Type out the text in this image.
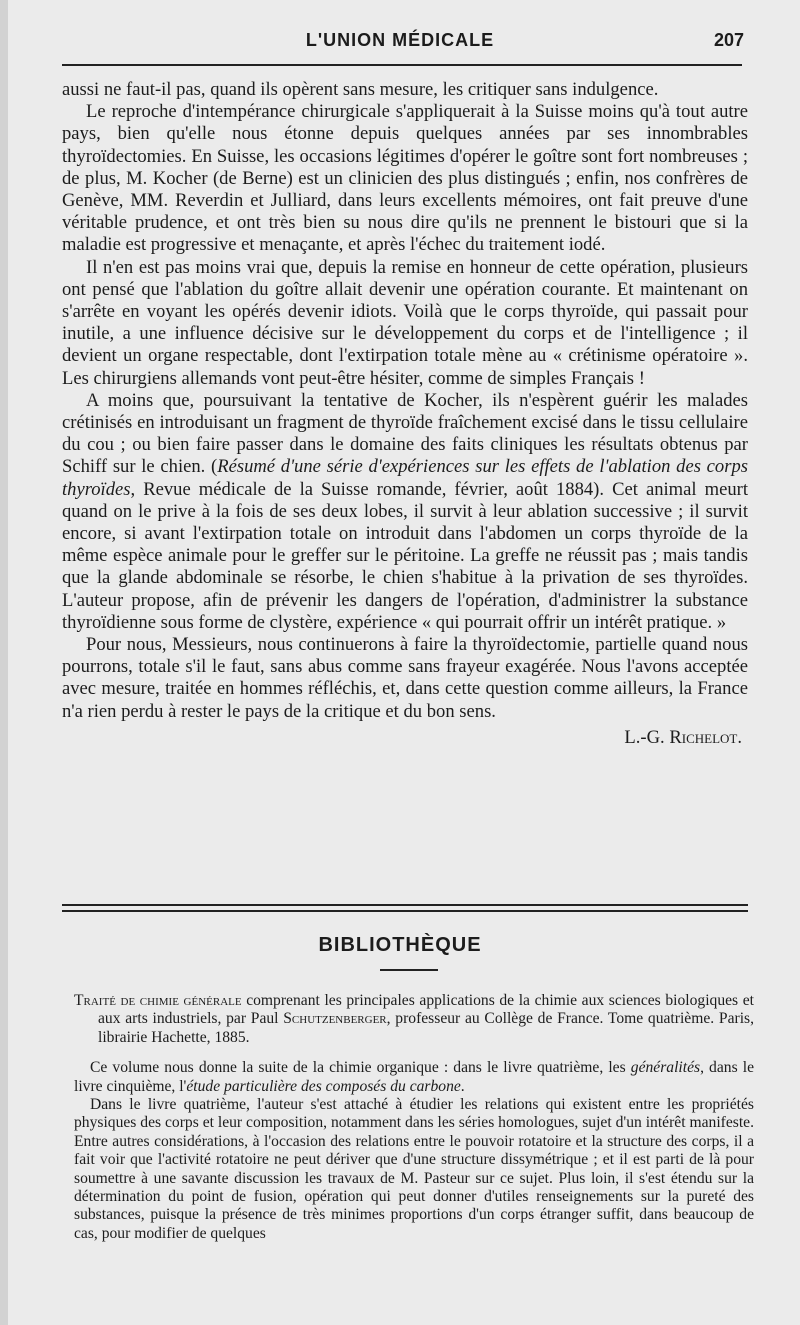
L'UNION MÉDICALE	207

aussi ne faut-il pas, quand ils opèrent sans mesure, les critiquer sans indulgence.

Le reproche d'intempérance chirurgicale s'appliquerait à la Suisse moins qu'à tout autre pays, bien qu'elle nous étonne depuis quelques années par ses innombrables thyroïdectomies. En Suisse, les occasions légitimes d'opérer le goître sont fort nombreuses ; de plus, M. Kocher (de Berne) est un clinicien des plus distingués ; enfin, nos confrères de Genève, MM. Reverdin et Julliard, dans leurs excellents mémoires, ont fait preuve d'une véritable prudence, et ont très bien su nous dire qu'ils ne prennent le bistouri que si la maladie est progressive et menaçante, et après l'échec du traitement iodé.

Il n'en est pas moins vrai que, depuis la remise en honneur de cette opération, plusieurs ont pensé que l'ablation du goître allait devenir une opération courante. Et maintenant on s'arrête en voyant les opérés devenir idiots. Voilà que le corps thyroïde, qui passait pour inutile, a une influence décisive sur le développement du corps et de l'intelligence ; il devient un organe respectable, dont l'extirpation totale mène au « crétinisme opératoire ». Les chirurgiens allemands vont peut-être hésiter, comme de simples Français !

A moins que, poursuivant la tentative de Kocher, ils n'espèrent guérir les malades crétinisés en introduisant un fragment de thyroïde fraîchement excisé dans le tissu cellulaire du cou ; ou bien faire passer dans le domaine des faits cliniques les résultats obtenus par Schiff sur le chien. (Résumé d'une série d'expériences sur les effets de l'ablation des corps thyroïdes, Revue médicale de la Suisse romande, février, août 1884). Cet animal meurt quand on le prive à la fois de ses deux lobes, il survit à leur ablation successive ; il survit encore, si avant l'extirpation totale on introduit dans l'abdomen un corps thyroïde de la même espèce animale pour le greffer sur le péritoine. La greffe ne réussit pas ; mais tandis que la glande abdominale se résorbe, le chien s'habitue à la privation de ses thyroïdes. L'auteur propose, afin de prévenir les dangers de l'opération, d'administrer la substance thyroïdienne sous forme de clystère, expérience « qui pourrait offrir un intérêt pratique. »

Pour nous, Messieurs, nous continuerons à faire la thyroïdectomie, partielle quand nous pourrons, totale s'il le faut, sans abus comme sans frayeur exagérée. Nous l'avons acceptée avec mesure, traitée en hommes réfléchis, et, dans cette question comme ailleurs, la France n'a rien perdu à rester le pays de la critique et du bon sens.

L.-G. Richelot.
BIBLIOTHÈQUE

Traité de chimie générale comprenant les principales applications de la chimie aux sciences biologiques et aux arts industriels, par Paul Schutzenberger, professeur au Collège de France. Tome quatrième. Paris, librairie Hachette, 1885.

Ce volume nous donne la suite de la chimie organique : dans le livre quatrième, les généralités, dans le livre cinquième, l'étude particulière des composés du carbone.

Dans le livre quatrième, l'auteur s'est attaché à étudier les relations qui existent entre les propriétés physiques des corps et leur composition, notamment dans les séries homologues, sujet d'un intérêt manifeste. Entre autres considérations, à l'occasion des relations entre le pouvoir rotatoire et la structure des corps, il a fait voir que l'activité rotatoire ne peut dériver que d'une structure dissymétrique ; et il est parti de là pour soumettre à une savante discussion les travaux de M. Pasteur sur ce sujet. Plus loin, il s'est étendu sur la détermination du point de fusion, opération qui peut donner d'utiles renseignements sur la pureté des substances, puisque la présence de très minimes proportions d'un corps étranger suffit, dans beaucoup de cas, pour modifier de quelques
